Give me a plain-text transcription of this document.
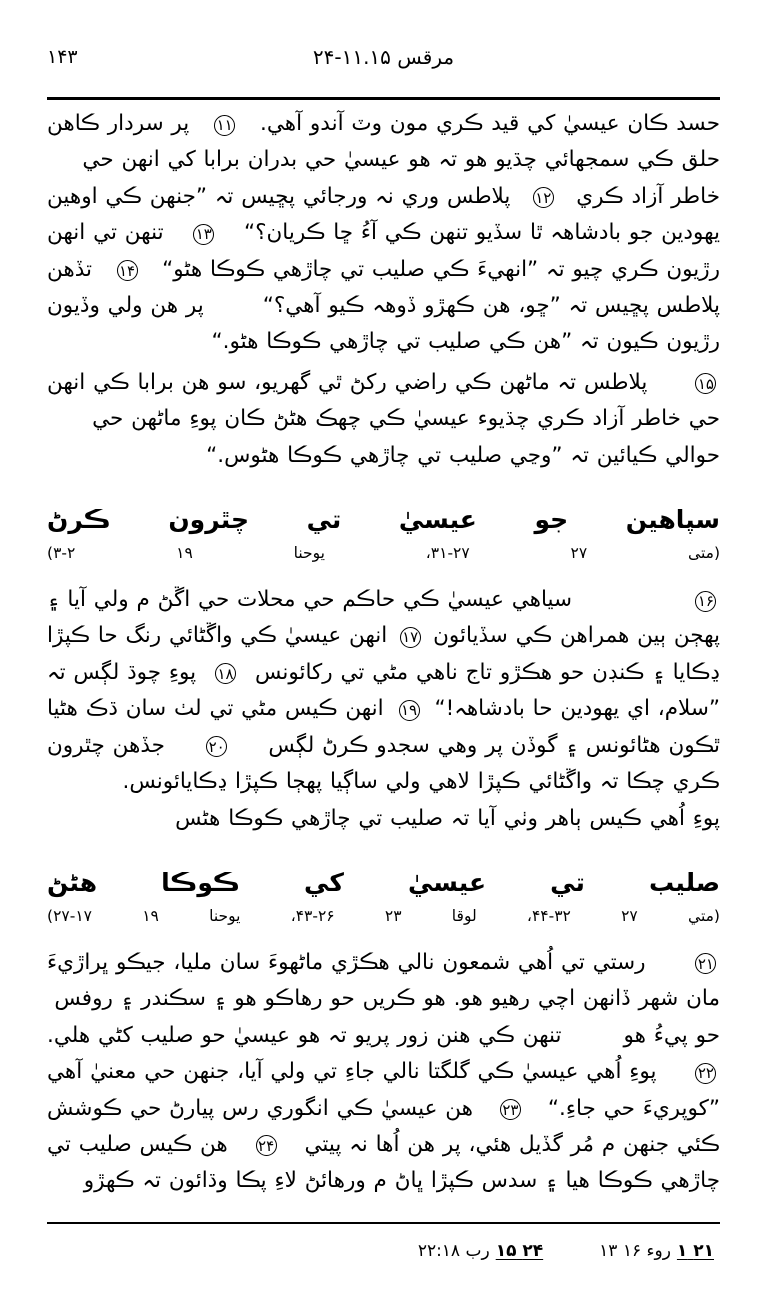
۱۴۳	مرقس ۱۱.۱۵-۲۴
حسد ڪان عيسيٰ کي قيد ڪري مون وٽ آندو آهي.
۱۱
پر سردار ڪاهن
حلق ڪي سمجھائي چڌيو هو تہ هو عيسيٰ حي بدران برابا کي انهن حي
خاطر آزاد ڪري
۱۲
پلاطس وري نہ ورجائي پڇيس تہ ”جنهن ڪي اوهين
يهودين جو بادشاهہ ٿا سڏيو تنهن ڪي آءُ ڇا ڪريان؟“
۱۳
تنهن تي انهن
رڙيون ڪري چيو تہ ”انهيءَ ڪي صليب تي چاڙهي ڪوڪا هڻو“
۱۴
تڏهن
پلاطس پڇيس تہ ”ڇو، هن ڪهڙو ڏوهہ ڪيو آهي؟“
پر هن ولي وڏيون
رڙيون ڪيون تہ ”هن ڪي صليب تي چاڙهي ڪوڪا هڻو.“
۱۵
پلاطس تہ ماڻهن ڪي راضي رکڻ ٿي گهريو، سو هن برابا ڪي انهن
حي خاطر آزاد ڪري چڌيوء عيسيٰ ڪي چهڪ هڻڻ ڪان پوءِ ماڻهن حي
حوالي ڪيائين تہ ”وڃي صليب تي چاڙهي ڪوڪا هڻوس.“
سپاهين جو عيسيٰ تي چٿرون ڪرڻ
(متى ۲۷ ۲۷-۳۱، يوحنا ۱۹ ۲-۳)
۱۶
سياهي عيسيٰ ڪي حاڪم حي محلات حي اڱڻ م ولي آيا ۽
پهڄن ٻين همراهن ڪي سڏيائون
۱۷
انهن عيسيٰ ڪي واڱڻائي رنگ حا ڪپڙا
ڍڪايا ۽ ڪنڊن حو هڪڙو تاج ناهي مڻي تي رکائونس
۱۸
پوءِ چوڌ لڳس تہ
”سلام، اي يهودين حا بادشاهہ!“
۱۹
انهن ڪيس مڻي تي لٺ سان ڌڪ هڻيا
ٿڪون هڻائونس ۽ گوڏن پر وهي سجدو ڪرڻ لڳس
۲۰
جڏهن چٿرون
ڪري چڪا تہ واڱڻائي ڪپڙا لاهي ولي ساڳيا پهڄا ڪپڙا ڍڪايائونس.
پوءِ اُهي ڪيس ٻاهر وٺي آيا تہ صليب تي چاڙهي ڪوڪا هڻس
صليب تي عيسيٰ کي ڪوڪا هڻڻ
(متي ۲۷ ۳۲-۴۴، لوقا ۲۳ ۲۶-۴۳، يوحنا ۱۹ ۱۷-۲۷)
۲۱
رستي تي اُهي شمعون نالي هڪڙي ماڻهوءَ سان مليا، جيڪو ڀراڙيءَ
مان شهر ڏانهن اچي رهيو هو. هو ڪريں حو رهاڪو هو ۽ سڪندر ۽ روفس
حو پيءُ هو
تنهن ڪي هنن زور پريو تہ هو عيسيٰ حو صليب کڻي هلي.
۲۲
پوءِ اُهي عيسيٰ ڪي گلگتا نالي جاءِ تي ولي آيا، جنهن حي معنيٰ آهي
”کوپريءَ حي جاءِ.“
۲۳
هن عيسيٰ ڪي انگوري رس پيارڻ حي ڪوشش
ڪئي جنهن م مُر گڏيل هئي، پر هن اُها نہ پيتي
۲۴
هن ڪيس صليب تي
چاڙهي ڪوڪا هيا ۽ سدس ڪپڙا ڀاڻ م ورهائڻ لاءِ پڪا وڌائون تہ ڪهڙو
۲۱ ۱روء ۱۶ ۱۳
۲۴ ۱۵رب ۲۲:۱۸
